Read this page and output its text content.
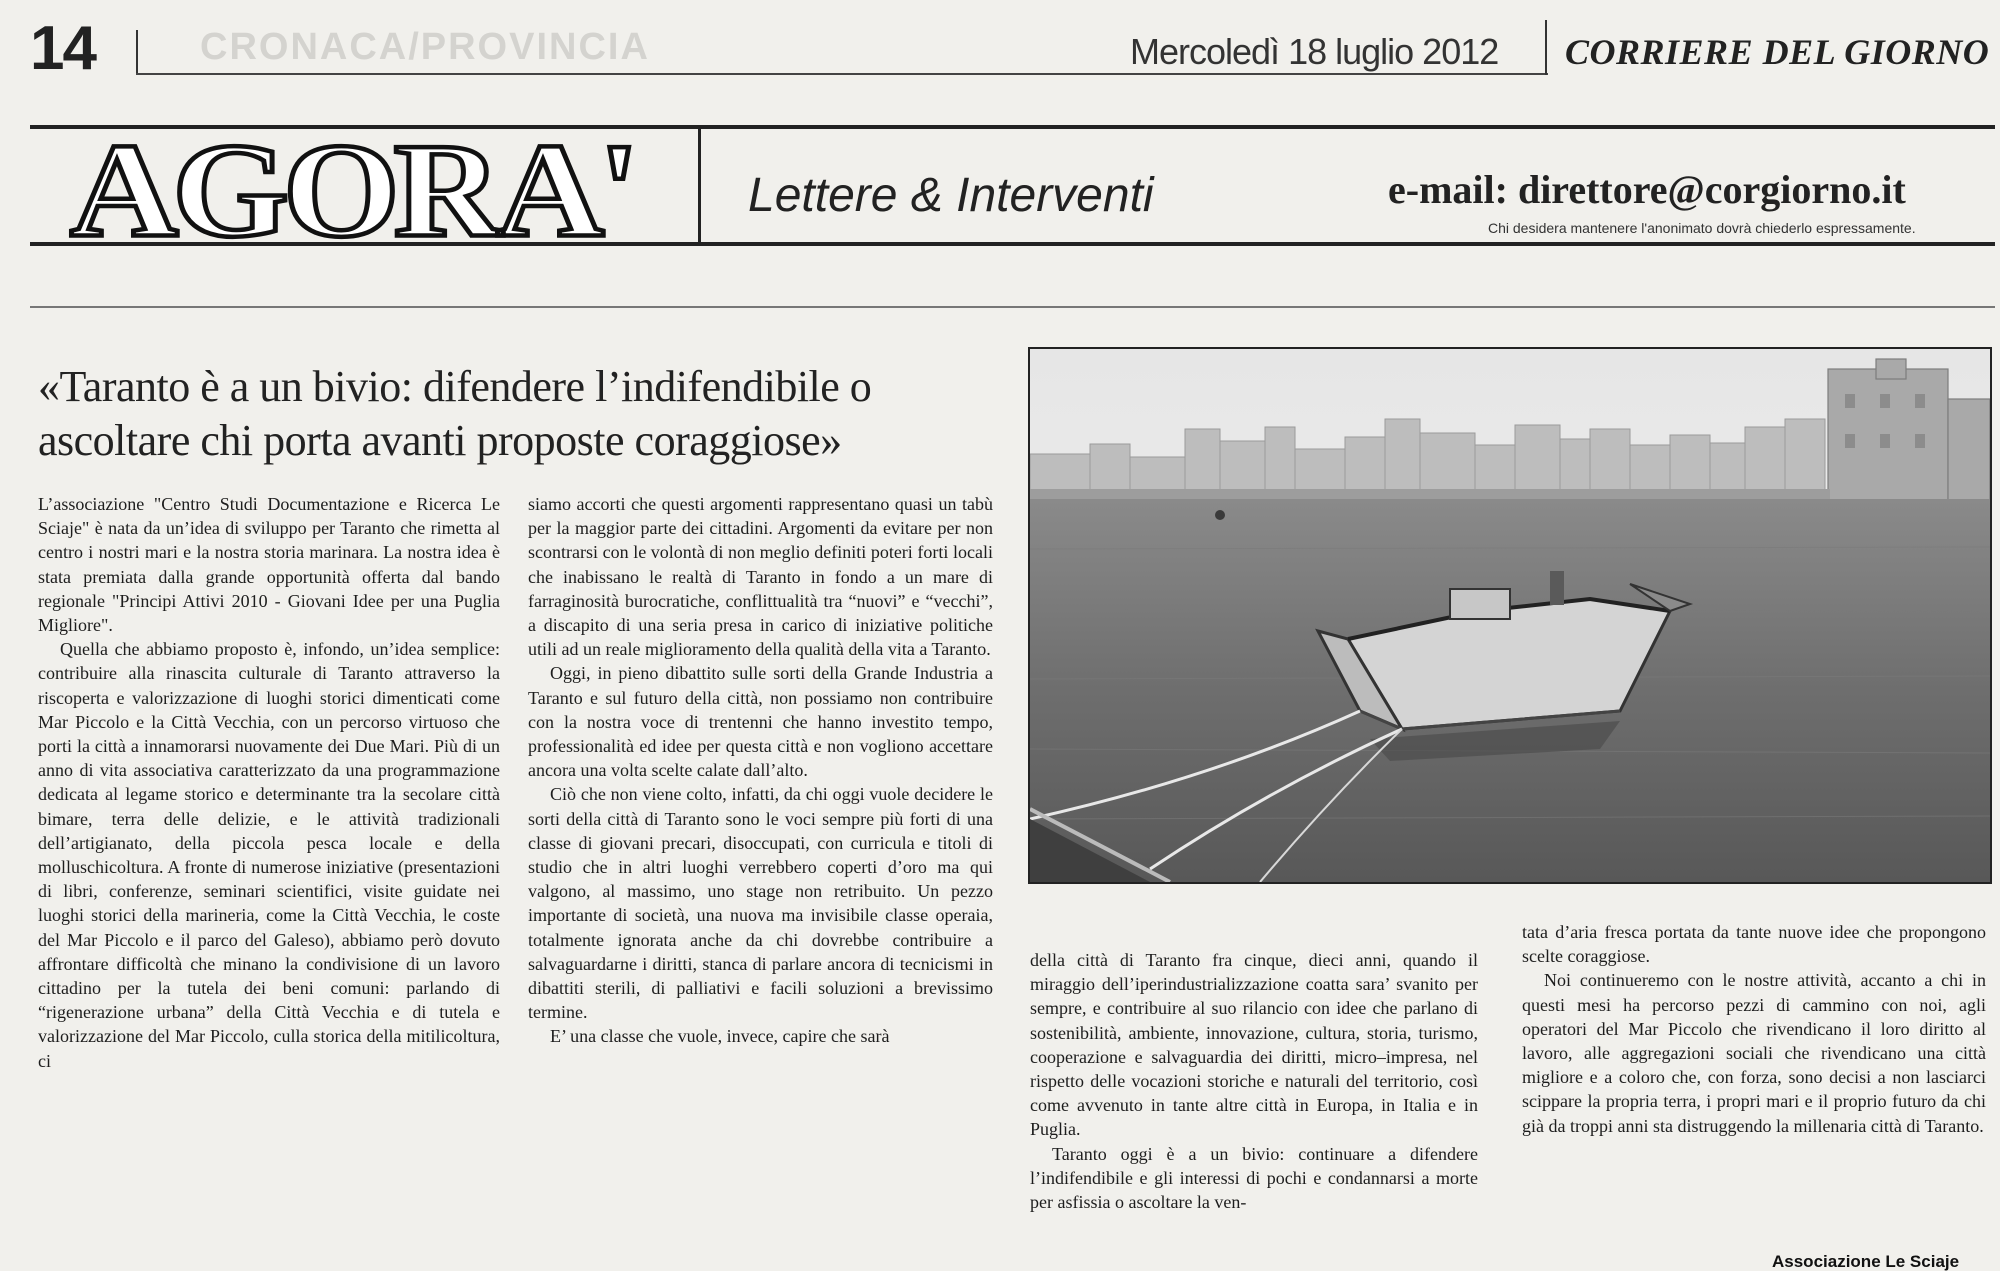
14	CRONACA/PROVINCIA	Mercoledì 18 luglio 2012 CORRIERE DEL GIORNO
AGORA' Lettere & Interventi	e-mail: direttore@corgiorno.it
Chi desidera mantenere l'anonimato dovrà chiederlo espressamente.
«Taranto è a un bivio: difendere l’indifendibile o
ascoltare chi porta avanti proposte coraggiose»

L’associazione "Centro Studi Documentazione e Ricerca Le Sciaje" è nata da un’idea di sviluppo per Taranto che rimetta al centro i nostri mari e la nostra storia marinara. La nostra idea è stata premiata dalla grande opportunità offerta dal bando regionale "Principi Attivi 2010 - Giovani Idee per una Puglia Migliore".

Quella che abbiamo proposto è, infondo, un’idea semplice: contribuire alla rinascita culturale di Taranto attraverso la riscoperta e valorizzazione di luoghi storici dimenticati come Mar Piccolo e la Città Vecchia, con un percorso virtuoso che porti la città a innamorarsi nuovamente dei Due Mari. Più di un anno di vita associativa caratterizzato da una programmazione dedicata al legame storico e determinante tra la secolare città bimare, terra delle delizie, e le attività tradizionali dell’artigianato, della piccola pesca locale e della molluschicoltura. A fronte di numerose iniziative (presentazioni di libri, conferenze, seminari scientifici, visite guidate nei luoghi storici della marineria, come la Città Vecchia, le coste del Mar Piccolo e il parco del Galeso), abbiamo però dovuto affrontare difficoltà che minano la condivisione di un lavoro cittadino per la tutela dei beni comuni: parlando di “rigenerazione urbana” della Città Vecchia e di tutela e valorizzazione del Mar Piccolo, culla storica della mitilicoltura, ci

siamo accorti che questi argomenti rappresentano quasi un tabù per la maggior parte dei cittadini. Argomenti da evitare per non scontrarsi con le volontà di non meglio definiti poteri forti locali che inabissano le realtà di Taranto in fondo a un mare di farraginosità burocratiche, conflittualità tra “nuovi” e “vecchi”, a discapito di una seria presa in carico di iniziative politiche utili ad un reale miglioramento della qualità della vita a Taranto.

Oggi, in pieno dibattito sulle sorti della Grande Industria a Taranto e sul futuro della città, non possiamo non contribuire con la nostra voce di trentenni che hanno investito tempo, professionalità ed idee per questa città e non vogliono accettare ancora una volta scelte calate dall’alto.

Ciò che non viene colto, infatti, da chi oggi vuole decidere le sorti della città di Taranto sono le voci sempre più forti di una classe di giovani precari, disoccupati, con curricula e titoli di studio che in altri luoghi verrebbero coperti d’oro ma qui valgono, al massimo, uno stage non retribuito. Un pezzo importante di società, una nuova ma invisibile classe operaia, totalmente ignorata anche da chi dovrebbe contribuire a salvaguardarne i diritti, stanca di parlare ancora di tecnicismi in dibattiti sterili, di palliativi e facili soluzioni a brevissimo termine.

E’ una classe che vuole, invece, capire che sarà

della città di Taranto fra cinque, dieci anni, quando il miraggio dell’iperindustrializzazione coatta sara’ svanito per sempre, e contribuire al suo rilancio con idee che parlano di sostenibilità, ambiente, innovazione, cultura, storia, turismo, cooperazione e salvaguardia dei diritti, micro–impresa, nel rispetto delle vocazioni storiche e naturali del territorio, così come avvenuto in tante altre città in Europa, in Italia e in Puglia.

Taranto oggi è a un bivio: continuare a difendere l’indifendibile e gli interessi di pochi e condannarsi a morte per asfissia o ascoltare la ven-

tata d’aria fresca portata da tante nuove idee che propongono scelte coraggiose.

Noi continueremo con le nostre attività, accanto a chi in questi mesi ha percorso pezzi di cammino con noi, agli operatori del Mar Piccolo che rivendicano il loro diritto al lavoro, alle aggregazioni sociali che rivendicano una città migliore e a coloro che, con forza, sono decisi a non lasciarci scippare la propria terra, i propri mari e il proprio futuro da chi già da troppi anni sta distruggendo la millenaria città di Taranto.

Associazione Le Sciaje
